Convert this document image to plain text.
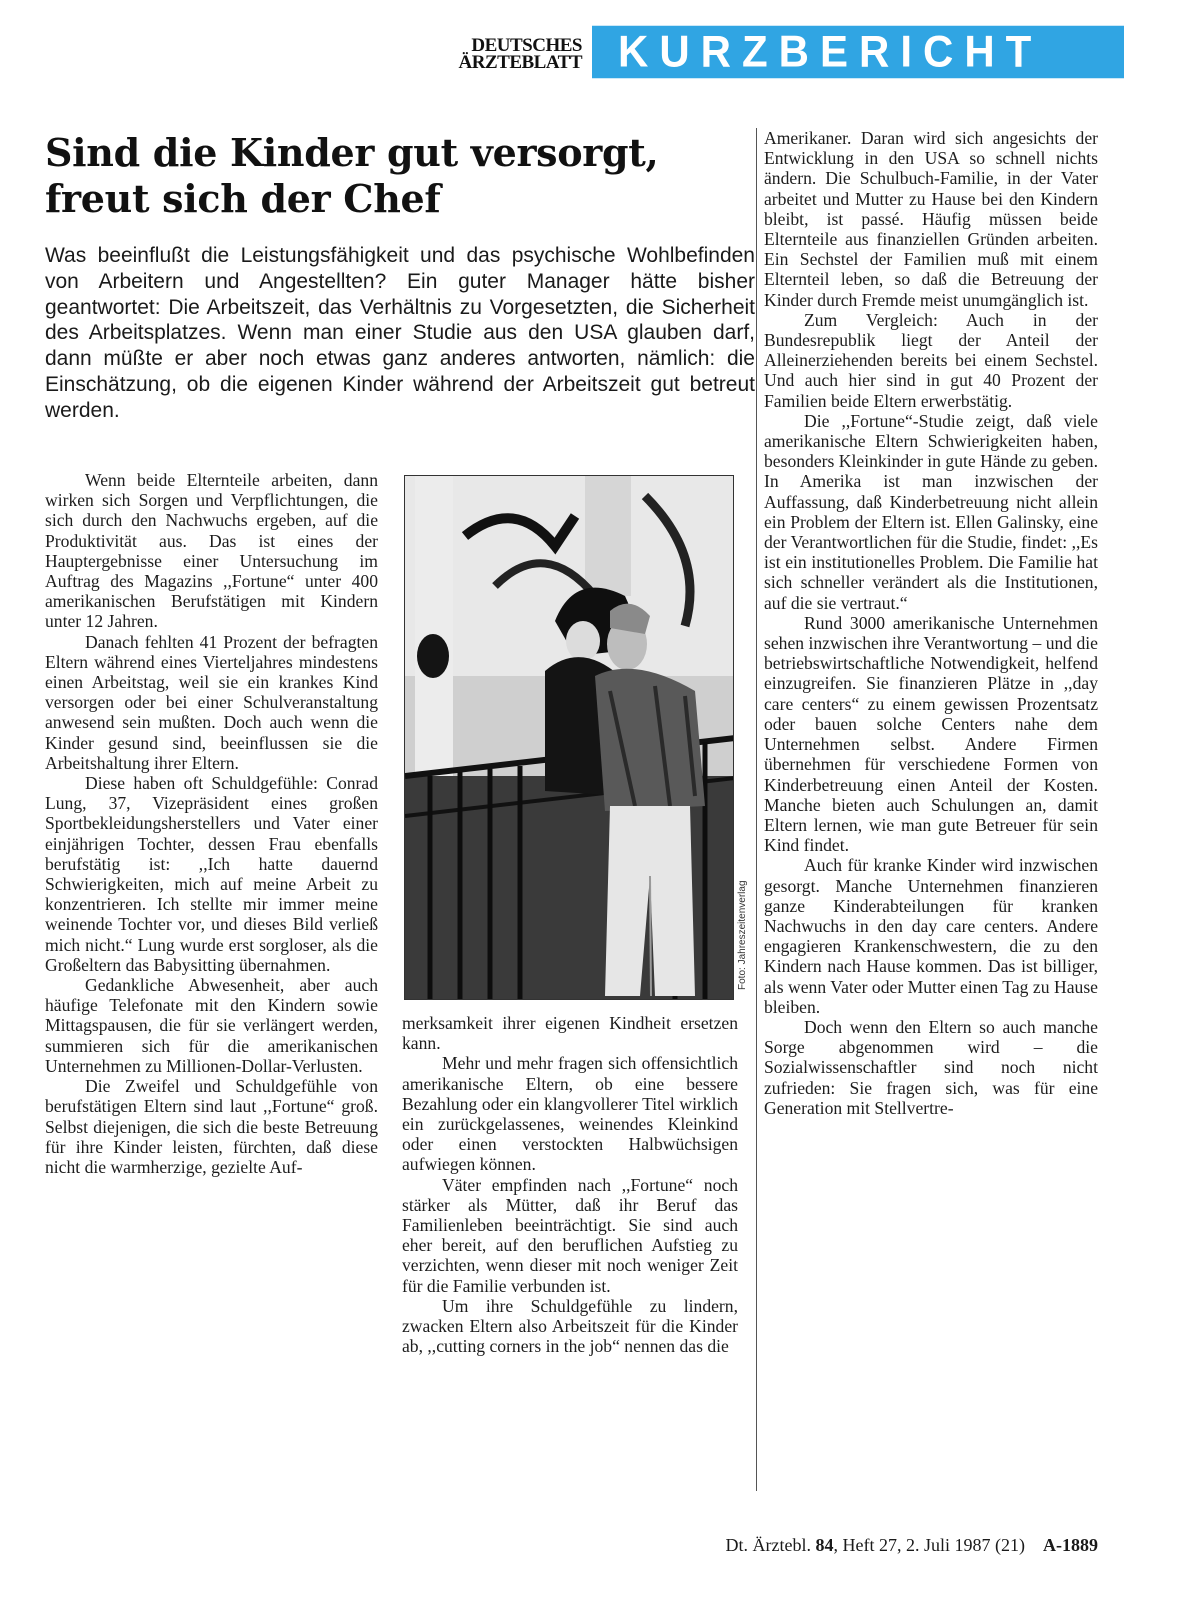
DEUTSCHES
ÄRZTEBLATT KURZBERICHT
Sind die Kinder gut versorgt, freut sich der Chef

Was beeinflußt die Leistungsfähigkeit und das psychische Wohlbefinden von Arbeitern und Angestellten? Ein guter Manager hätte bisher geantwortet: Die Arbeitszeit, das Verhältnis zu Vorgesetzten, die Sicherheit des Arbeitsplatzes. Wenn man einer Studie aus den USA glauben darf, dann müßte er aber noch etwas ganz anderes antworten, nämlich: die Einschätzung, ob die eigenen Kinder während der Arbeitszeit gut betreut werden.

Wenn beide Elternteile arbeiten, dann wirken sich Sorgen und Verpflichtungen, die sich durch den Nachwuchs ergeben, auf die Produktivität aus. Das ist eines der Hauptergebnisse einer Untersuchung im Auftrag des Magazins ,,Fortune“ unter 400 amerikanischen Berufstätigen mit Kindern unter 12 Jahren.

Danach fehlten 41 Prozent der befragten Eltern während eines Vierteljahres mindestens einen Arbeitstag, weil sie ein krankes Kind versorgen oder bei einer Schulveranstaltung anwesend sein mußten. Doch auch wenn die Kinder gesund sind, beeinflussen sie die Arbeitshaltung ihrer Eltern.

Diese haben oft Schuldgefühle: Conrad Lung, 37, Vizepräsident eines großen Sportbekleidungsherstellers und Vater einer einjährigen Tochter, dessen Frau ebenfalls berufstätig ist: ,,Ich hatte dauernd Schwierigkeiten, mich auf meine Arbeit zu konzentrieren. Ich stellte mir immer meine weinende Tochter vor, und dieses Bild verließ mich nicht.“ Lung wurde erst sorgloser, als die Großeltern das Babysitting übernahmen.

Gedankliche Abwesenheit, aber auch häufige Telefonate mit den Kindern sowie Mittagspausen, die für sie verlängert werden, summieren sich für die amerikanischen Unternehmen zu Millionen-Dollar-Verlusten.

Die Zweifel und Schuldgefühle von berufstätigen Eltern sind laut ,,Fortune“ groß. Selbst diejenigen, die sich die beste Betreuung für ihre Kinder leisten, fürchten, daß diese nicht die warmherzige, gezielte Auf-

Foto: Jahreszeitenverlag

merksamkeit ihrer eigenen Kindheit ersetzen kann.

Mehr und mehr fragen sich offensichtlich amerikanische Eltern, ob eine bessere Bezahlung oder ein klangvollerer Titel wirklich ein zurückgelassenes, weinendes Kleinkind oder einen verstockten Halbwüchsigen aufwiegen können.

Väter empfinden nach ,,Fortune“ noch stärker als Mütter, daß ihr Beruf das Familienleben beeinträchtigt. Sie sind auch eher bereit, auf den beruflichen Aufstieg zu verzichten, wenn dieser mit noch weniger Zeit für die Familie verbunden ist.

Um ihre Schuldgefühle zu lindern, zwacken Eltern also Arbeitszeit für die Kinder ab, ,,cutting corners in the job“ nennen das die

Amerikaner. Daran wird sich angesichts der Entwicklung in den USA so schnell nichts ändern. Die Schulbuch-Familie, in der Vater arbeitet und Mutter zu Hause bei den Kindern bleibt, ist passé. Häufig müssen beide Elternteile aus finanziellen Gründen arbeiten. Ein Sechstel der Familien muß mit einem Elternteil leben, so daß die Betreuung der Kinder durch Fremde meist unumgänglich ist.

Zum Vergleich: Auch in der Bundesrepublik liegt der Anteil der Alleinerziehenden bereits bei einem Sechstel. Und auch hier sind in gut 40 Prozent der Familien beide Eltern erwerbstätig.

Die ,,Fortune“-Studie zeigt, daß viele amerikanische Eltern Schwierigkeiten haben, besonders Kleinkinder in gute Hände zu geben. In Amerika ist man inzwischen der Auffassung, daß Kinderbetreuung nicht allein ein Problem der Eltern ist. Ellen Galinsky, eine der Verantwortlichen für die Studie, findet: ,,Es ist ein institutionelles Problem. Die Familie hat sich schneller verändert als die Institutionen, auf die sie vertraut.“

Rund 3000 amerikanische Unternehmen sehen inzwischen ihre Verantwortung – und die betriebswirtschaftliche Notwendigkeit, helfend einzugreifen. Sie finanzieren Plätze in ,,day care centers“ zu einem gewissen Prozentsatz oder bauen solche Centers nahe dem Unternehmen selbst. Andere Firmen übernehmen für verschiedene Formen von Kinderbetreuung einen Anteil der Kosten. Manche bieten auch Schulungen an, damit Eltern lernen, wie man gute Betreuer für sein Kind findet.

Auch für kranke Kinder wird inzwischen gesorgt. Manche Unternehmen finanzieren ganze Kinderabteilungen für kranken Nachwuchs in den day care centers. Andere engagieren Krankenschwestern, die zu den Kindern nach Hause kommen. Das ist billiger, als wenn Vater oder Mutter einen Tag zu Hause bleiben.

Doch wenn den Eltern so auch manche Sorge abgenommen wird – die Sozialwissenschaftler sind noch nicht zufrieden: Sie fragen sich, was für eine Generation mit Stellvertre-

Dt. Ärztebl. 84, Heft 27, 2. Juli 1987 (21) A-1889
